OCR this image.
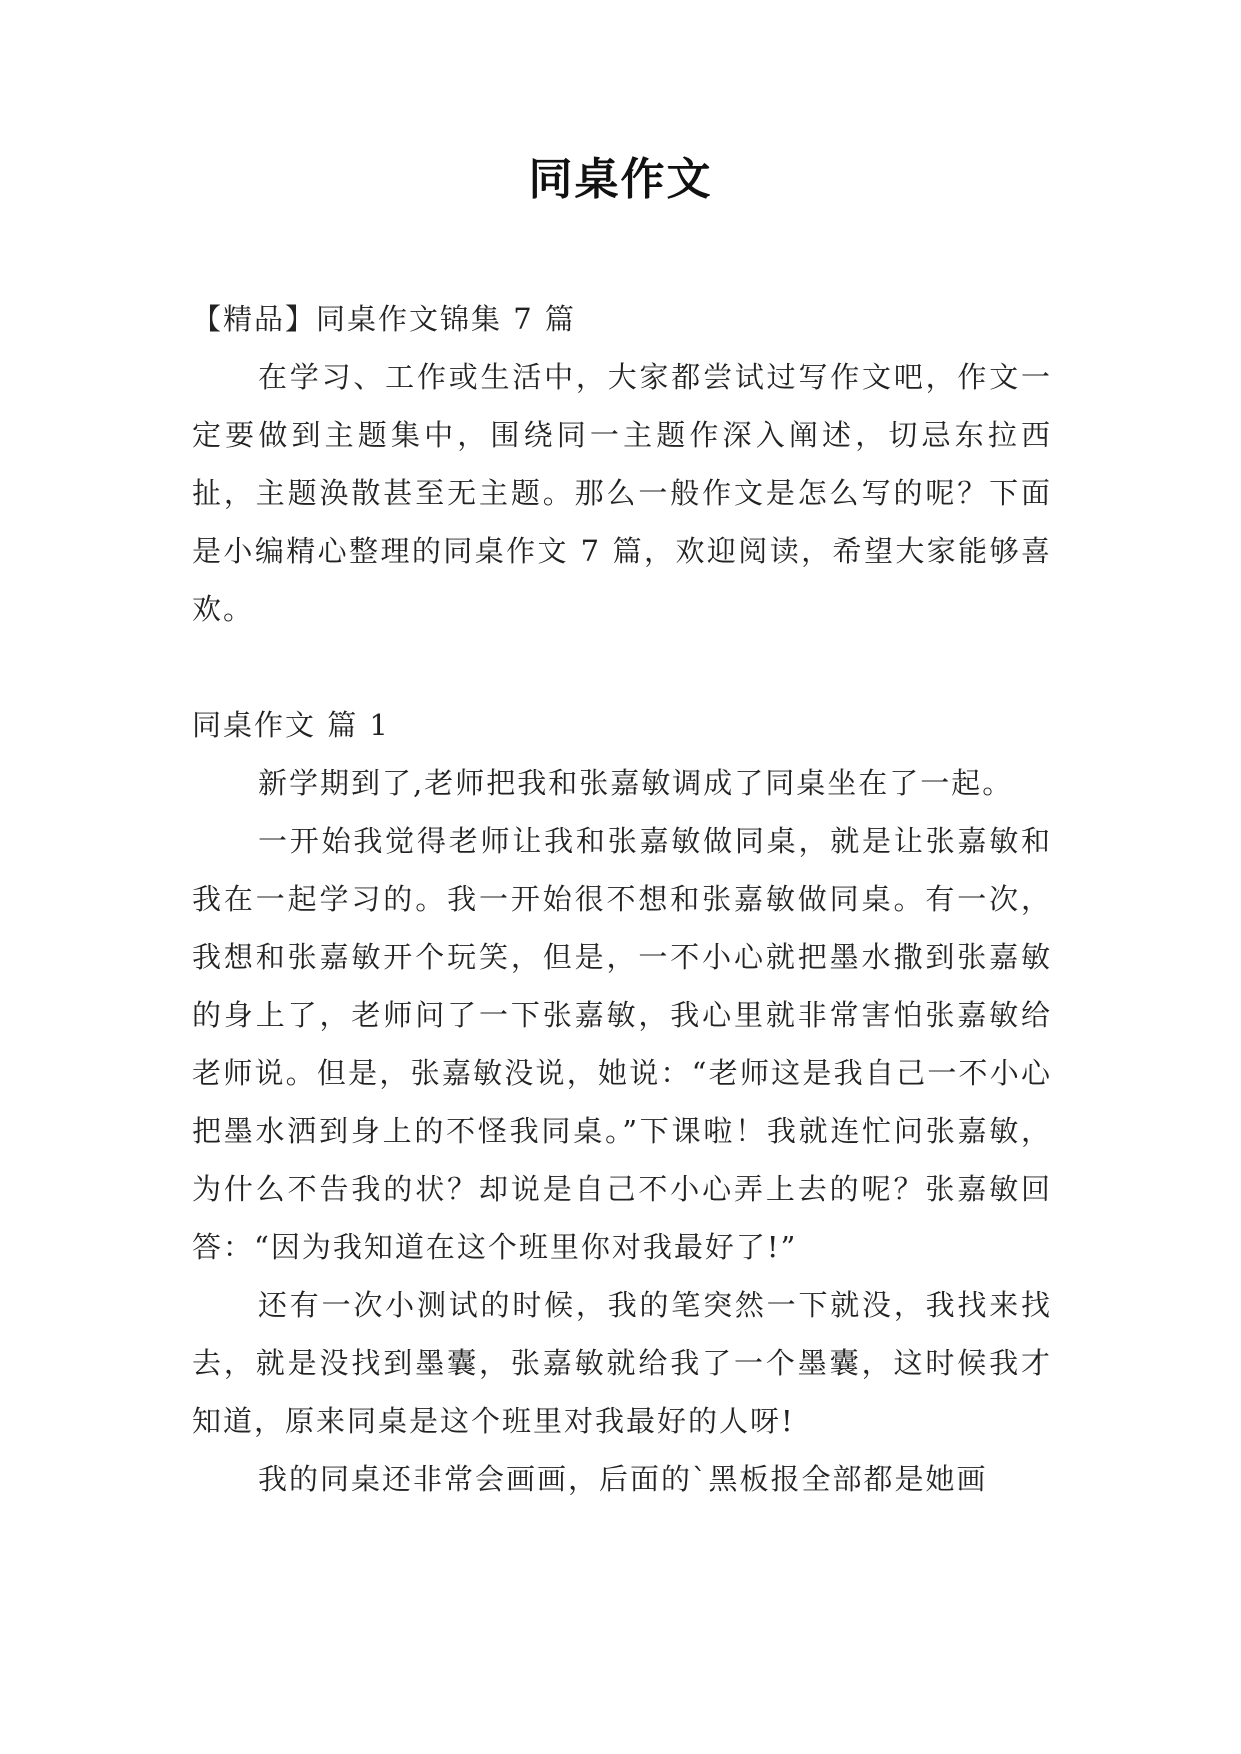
同桌作文

【精品】同桌作文锦集 7 篇

在学习、工作或生活中，大家都尝试过写作文吧，作文一定要做到主题集中，围绕同一主题作深入阐述，切忌东拉西扯，主题涣散甚至无主题。那么一般作文是怎么写的呢？下面是小编精心整理的同桌作文 7 篇，欢迎阅读，希望大家能够喜欢。

同桌作文 篇 1

新学期到了,老师把我和张嘉敏调成了同桌坐在了一起。

一开始我觉得老师让我和张嘉敏做同桌，就是让张嘉敏和我在一起学习的。我一开始很不想和张嘉敏做同桌。有一次，我想和张嘉敏开个玩笑，但是，一不小心就把墨水撒到张嘉敏的身上了，老师问了一下张嘉敏，我心里就非常害怕张嘉敏给老师说。但是，张嘉敏没说，她说：“老师这是我自己一不小心把墨水洒到身上的不怪我同桌。”下课啦！我就连忙问张嘉敏，为什么不告我的状？却说是自己不小心弄上去的呢？张嘉敏回答：“因为我知道在这个班里你对我最好了!”

还有一次小测试的时候，我的笔突然一下就没，我找来找去，就是没找到墨囊，张嘉敏就给我了一个墨囊，这时候我才知道，原来同桌是这个班里对我最好的人呀!

我的同桌还非常会画画，后面的`黑板报全部都是她画
